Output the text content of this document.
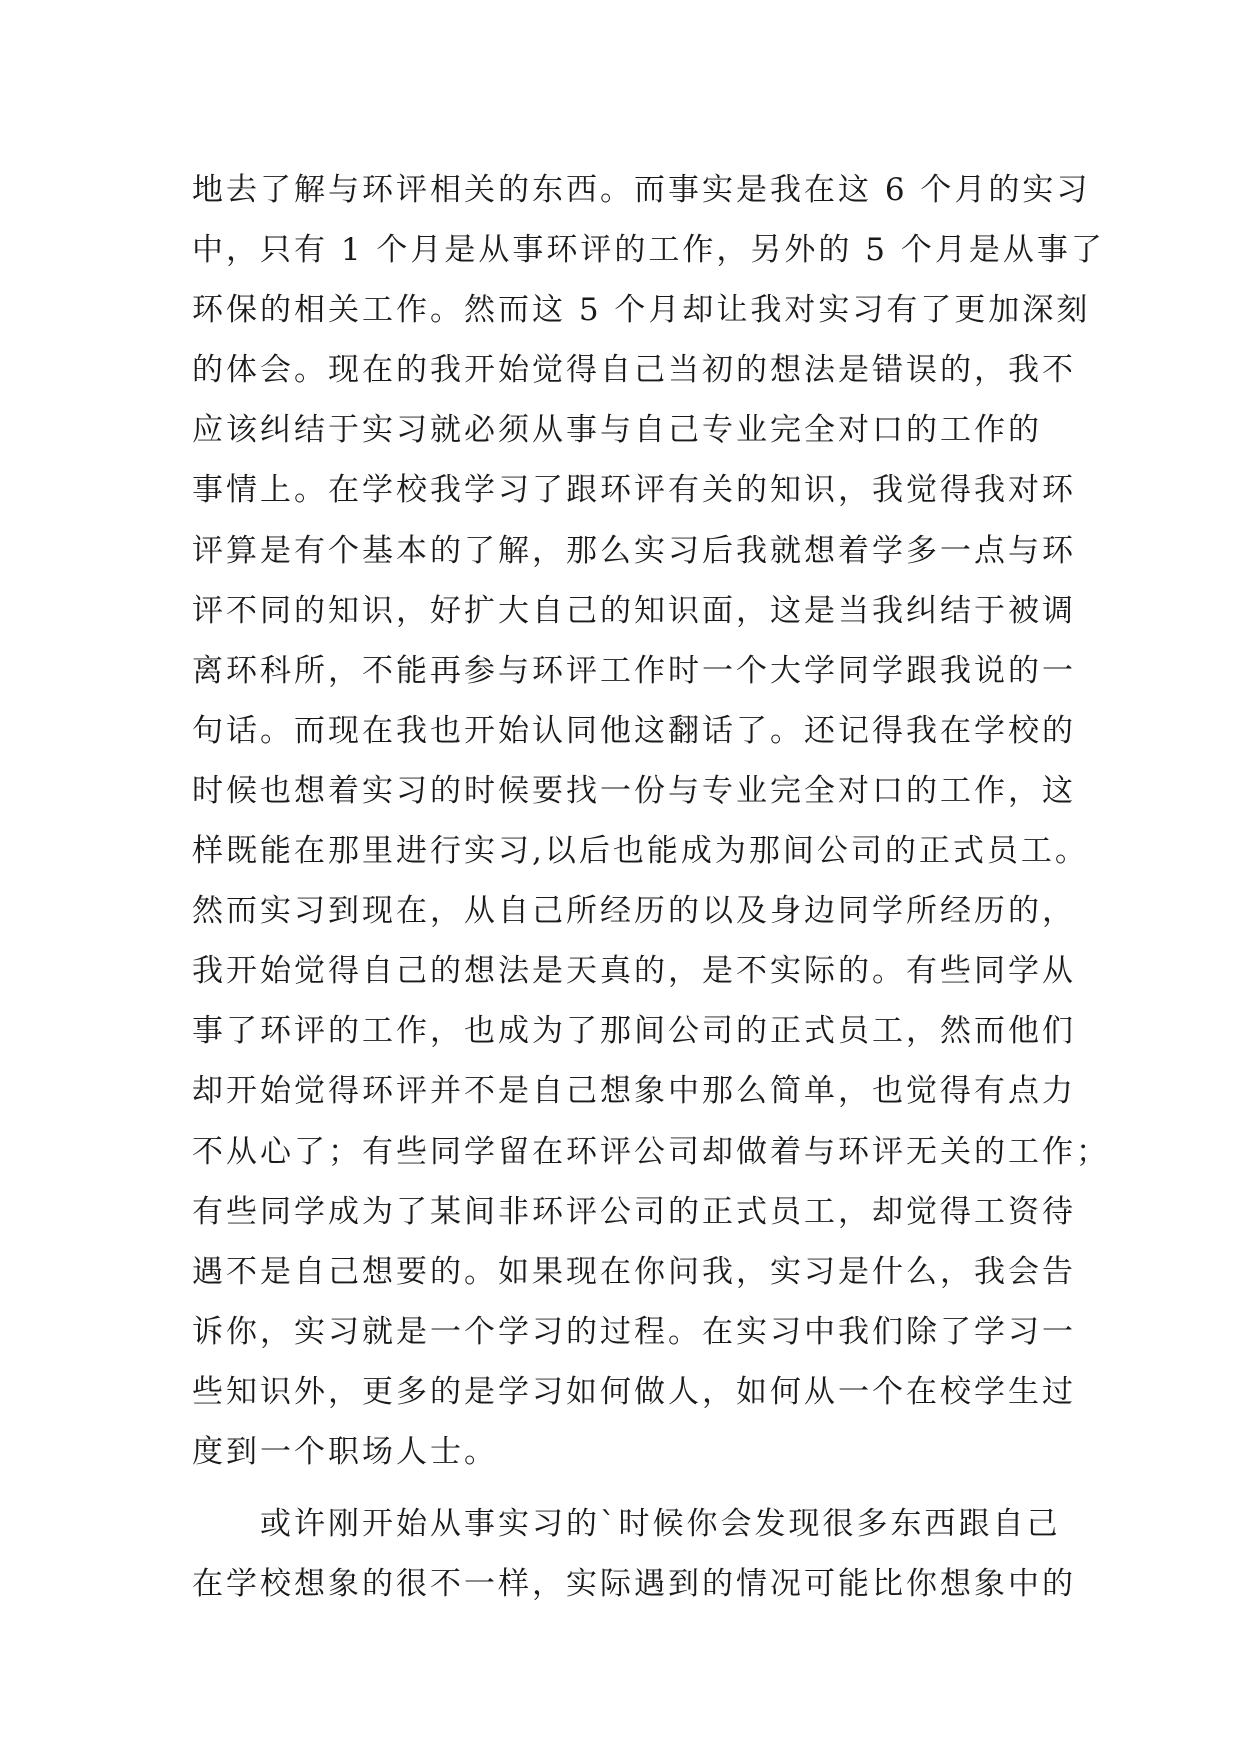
地去了解与环评相关的东西。而事实是我在这 6 个月的实习
中，只有 1 个月是从事环评的工作，另外的 5 个月是从事了
环保的相关工作。然而这 5 个月却让我对实习有了更加深刻
的体会。现在的我开始觉得自己当初的想法是错误的，我不
应该纠结于实习就必须从事与自己专业完全对口的工作的
事情上。在学校我学习了跟环评有关的知识，我觉得我对环
评算是有个基本的了解，那么实习后我就想着学多一点与环
评不同的知识，好扩大自己的知识面，这是当我纠结于被调
离环科所，不能再参与环评工作时一个大学同学跟我说的一
句话。而现在我也开始认同他这翻话了。还记得我在学校的
时候也想着实习的时候要找一份与专业完全对口的工作，这
样既能在那里进行实习,以后也能成为那间公司的正式员工。
然而实习到现在，从自己所经历的以及身边同学所经历的，
我开始觉得自己的想法是天真的，是不实际的。有些同学从
事了环评的工作，也成为了那间公司的正式员工，然而他们
却开始觉得环评并不是自己想象中那么简单，也觉得有点力
不从心了；有些同学留在环评公司却做着与环评无关的工作；
有些同学成为了某间非环评公司的正式员工，却觉得工资待
遇不是自己想要的。如果现在你问我，实习是什么，我会告
诉你，实习就是一个学习的过程。在实习中我们除了学习一
些知识外，更多的是学习如何做人，如何从一个在校学生过
度到一个职场人士。
　　或许刚开始从事实习的`时候你会发现很多东西跟自己
在学校想象的很不一样，实际遇到的情况可能比你想象中的
